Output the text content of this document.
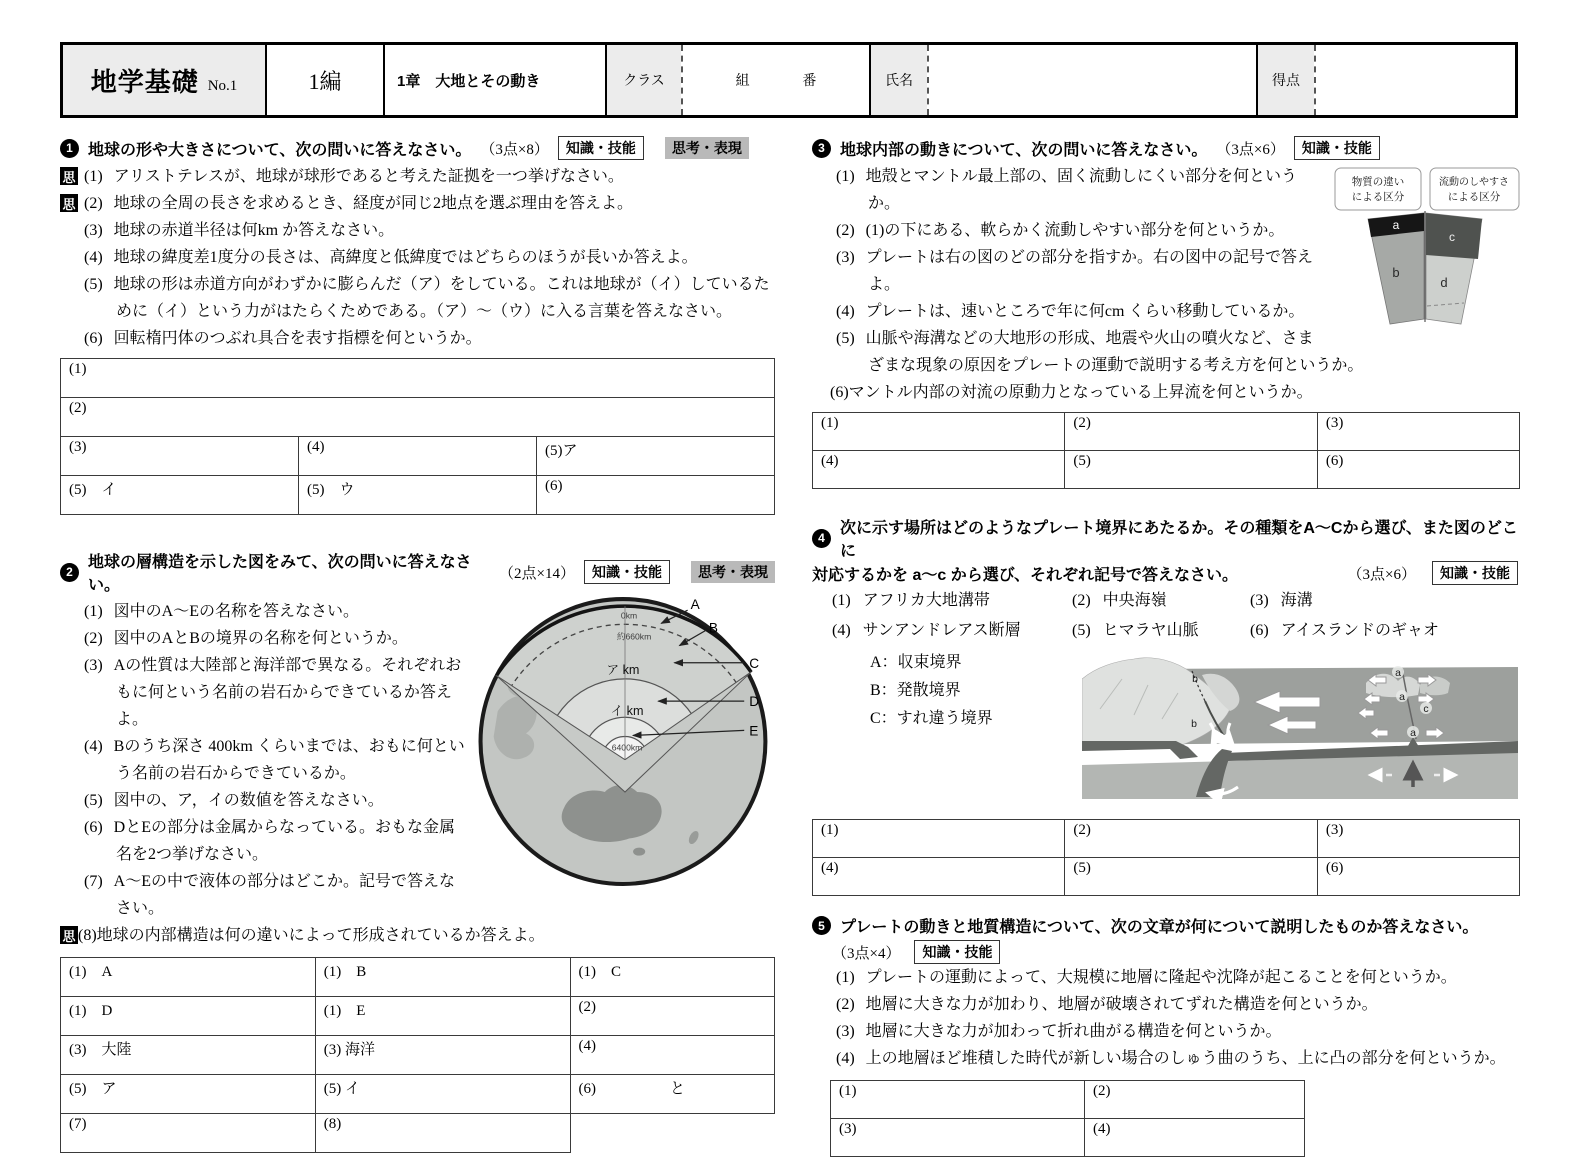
地学基礎 No.1	1編	1章　大地とその動き	クラス	組	番	氏名	得点
1 地球の形や大きさについて、次の問いに答えなさい。 （3点×8）	知識・技能	思考・表現
思 (1) アリストテレスが、地球が球形であると考えた証拠を一つ挙げなさい。
思 (2) 地球の全周の長さを求めるとき、経度が同じ2地点を選ぶ理由を答えよ。
(3) 地球の赤道半径は何km か答えなさい。
(4) 地球の緯度差1度分の長さは、高緯度と低緯度ではどちらのほうが長いか答えよ。
(5) 地球の形は赤道方向がわずかに膨らんだ（ア）をしている。これは地球が（イ）しているために（イ）という力がはたらくためである。（ア）～（ウ）に入る言葉を答えなさい。
(6) 回転楕円体のつぶれ具合を表す指標を何というか。
(1)		
(2)		
(3)	(4)	(5)ア
(5)　イ	(5)　ウ	(6)
2
地球の層構造を示した図をみて、次の問いに答えなさい。
（2点×14）	知識・技能	思考・表現
0km
約660km
ア km
イ km
6400km
A
B
C
D
E
(1) 図中のA～Eの名称を答えなさい。
(2) 図中のAとBの境界の名称を何というか。
(3) Aの性質は大陸部と海洋部で異なる。それぞれおもに何という名前の岩石からできているか答えよ。
(4) Bのうち深さ 400km くらいまでは、おもに何という名前の岩石からできているか。
(5) 図中の、ア，イの数値を答えなさい。
(6) DとEの部分は金属からなっている。おもな金属名を2つ挙げなさい。
(7) A～Eの中で液体の部分はどこか。記号で答えなさい。
思 (8)地球の内部構造は何の違いによって形成されているか答えよ。
(1)　A	(1)　B	(1)　C
(1)　D	(1)　E	(2)
(3)　大陸	(3) 海洋	(4)
(5)　ア	(5) イ	(6) と
(7)	(8)	
3 地球内部の動きについて、次の問いに答えなさい。 （3点×6）	知識・技能
物質の違い
による区分
流動のしやすさ
による区分
a
b
c
d
(1) 地殻とマントル最上部の、固く流動しにくい部分を何というか。
(2) (1)の下にある、軟らかく流動しやすい部分を何というか。
(3) プレートは右の図のどの部分を指すか。右の図中の記号で答えよ。
(4) プレートは、速いところで年に何cm くらい移動しているか。
(5) 山脈や海溝などの大地形の形成、地震や火山の噴火など、さまざまな現象の原因をプレートの運動で説明する考え方を何というか。
(6)マントル内部の対流の原動力となっている上昇流を何というか。
(1)	(2)	(3)
(4)	(5)	(6)
4
次に示す場所はどのようなプレート境界にあたるか。その種類をA～Cから選び、また図のどこに
対応するかを a～c から選び、それぞれ記号で答えなさい。	（3点×6）	知識・技能
(1) アフリカ大地溝帯	(2) 中央海嶺	(3) 海溝
(4) サンアンドレアス断層	(5) ヒマラヤ山脈	(6) アイスランドのギャオ
b
b
a
a
c
a
A：収束境界
B：発散境界
C：すれ違う境界
(1)	(2)	(3)
(4)	(5)	(6)
5 プレートの動きと地質構造について、次の文章が何について説明したものか答えなさい。
（3点×4）	知識・技能
(1) プレートの運動によって、大規模に地層に隆起や沈降が起こることを何というか。
(2) 地層に大きな力が加わり、地層が破壊されてずれた構造を何というか。
(3) 地層に大きな力が加わって折れ曲がる構造を何というか。
(4) 上の地層ほど堆積した時代が新しい場合のしゅう曲のうち、上に凸の部分を何というか。
(1)	(2)
(3)	(4)
